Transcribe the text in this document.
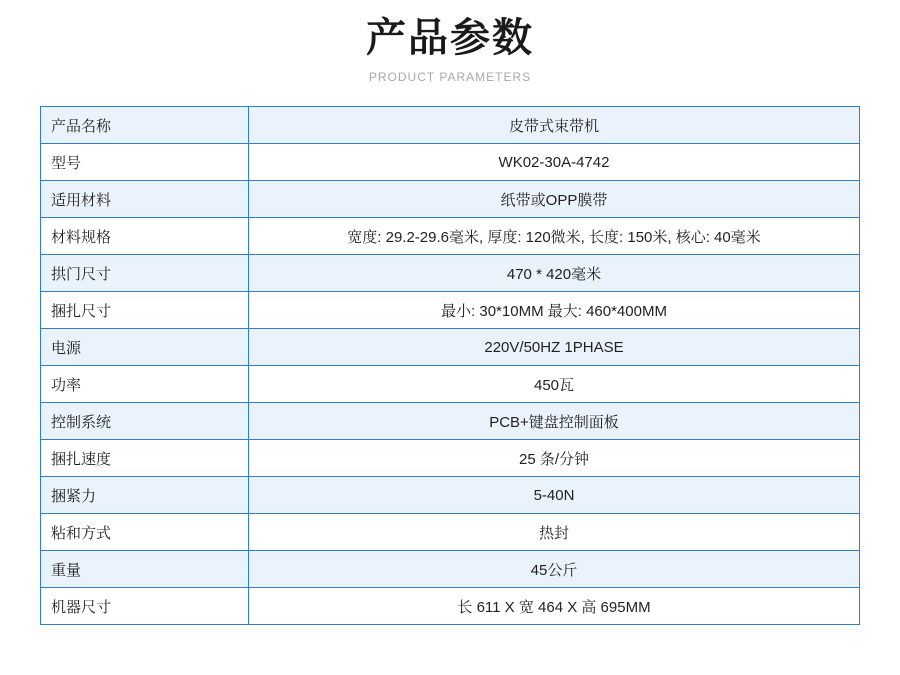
产品参数
PRODUCT PARAMETERS
产品名称	皮带式束带机
型号	WK02-30A-4742
适用材料	纸带或OPP膜带
材料规格	宽度: 29.2-29.6毫米, 厚度: 120微米, 长度: 150米, 核心: 40毫米
拱门尺寸	470 * 420毫米
捆扎尺寸	最小: 30*10MM 最大: 460*400MM
电源	220V/50HZ 1PHASE
功率	450瓦
控制系统	PCB+键盘控制面板
捆扎速度	25 条/分钟
捆紧力	5-40N
粘和方式	热封
重量	45公斤
机器尺寸	长 611 X 宽 464 X 高 695MM
